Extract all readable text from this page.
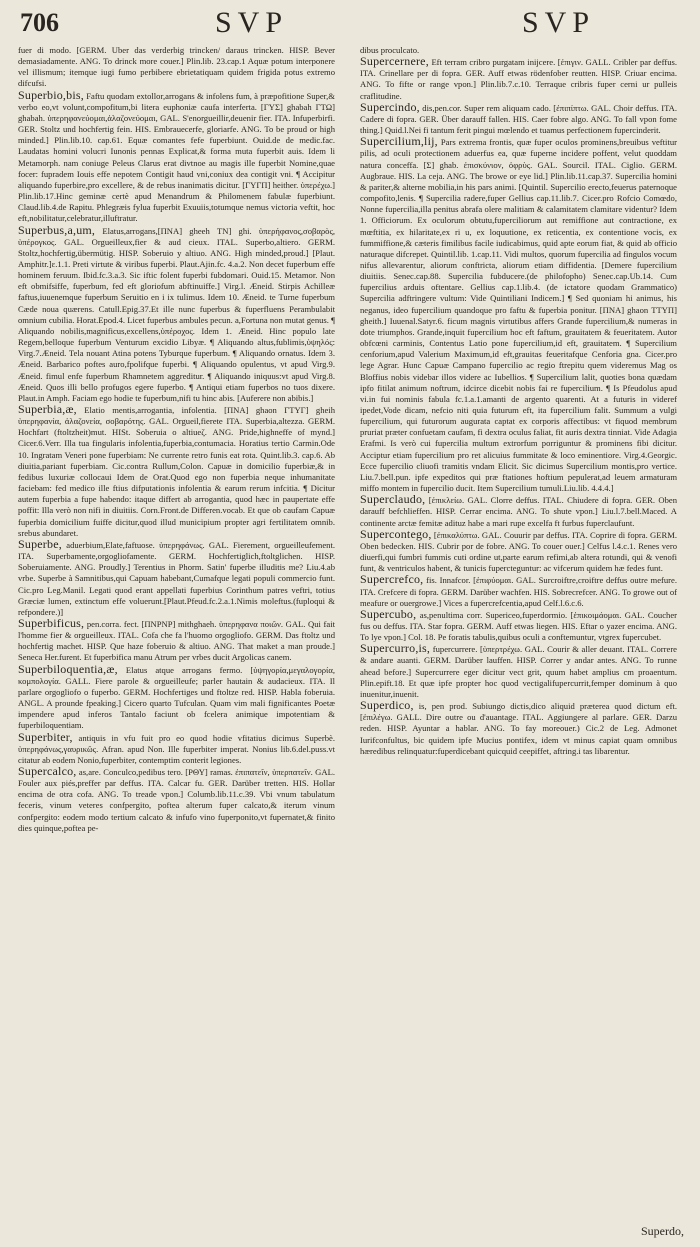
706	SVP	SVP

fuer di modo. [GERM. Uber das verderbig trincken/ daraus trincken. HISP. Bever demasiadamente. ANG. To drinck more couer.] Plin.lib. 23.cap.1 Aquæ potum interponere vel illismum; itemque iugi fumo perbibere ebrietatiquam quidem frigida potus extremo difcufsi.

Superbio,bis, Faftu quodam extollor,arrogans & infolens fum, à præpofitione Super,& verbo eo,vt volunt,compofitum,bi litera euphoniæ caufa interferta. [ΓΥΣ] ghabah ΓΤΩ] ghabah. ὑπερηφανεύομαι,ἀλαζονεύομαι, GAL. S'enorgueillir,deuenir fier. ITA. Infuperbirfi. GER. Stoltz und hochfertig fein. HIS. Embrauecerfe, gloriarfe. ANG. To be proud or high minded.] Plin.lib.10. cap.61. Equæ comantes fefe fuperbiunt. Ouid.de de medic.fac. Laudatas homini volucri Iunonis pennas Explicat,& forma muta fuperbit auis. Idem li Metamorph. nam coniuge Peleus Clarus erat divtnoe au magis ille fuperbit Nomine,quae focer: fupradem Iouis effe nepotem Contigit haud vni,coniux dea contigit vni. ¶ Accipitur aliquando fuperbire,pro excellere, & de rebus inanimatis dicitur. [ΓΥΓΠ] heither. ὑπερέχω.] Plin.lib.17.Hinc geminæ certè apud Menandrum & Philomenem fabulæ fuperbiunt. Claud.lib.4.de Rapitu. Phlegræis fylua fuperbit Exuuiis,totumque nemus victoria veftit, hoc eft,nobilitatur,celebratur,illuftratur.

Superbus,a,um, Elatus,arrogans,[ΠΝΑ] gheeh ΤΝ] ghi. ὑπερήφανος,σοβαρὸς, ὑπέρογκος. GAL. Orgueilleux,fier & aud cieux. ITAL. Superbo,altiero. GERM. Stoltz,hochfertig,übermütig. HISP. Soberuio y altiuo. ANG. High minded,proud.] [Plaut. Amphitr.]ε.1.1. Preti virtute & viribus fuperbi. Plaut.Ajin.fc. 4.a.2. Non decet fuperbum effe hominem feruum. Ibid.fc.3.a.3. Sic iftic folent fuperbi fubdomari. Ouid.15. Metamor. Non eft obmifsiffe, fuperbum, fed eft gloriofum abftinuiffe.] Virg.l. Æneid. Stirpis Achilleæ faftus,iuuenemque fuperbum Seruitio en i ix tulimus. Idem 10. Æneid. te Turne fuperbum Cæde noua quærens. Catull.Epig.37.Et ille nunc fuperbus & fuperfluens Perambulabit omnium cubilia. Horat.Epod.4. Licet fuperbus ambules pecun. a,Fortuna non mutat genus. ¶ Aliquando nobilis,magnificus,excellens,ὑπέροχος. Idem 1. Æneid. Hinc populo late Regem,belloque fuperbum Venturum excidio Libyæ. ¶ Aliquando altus,fublimis,ὑψηλός: Virg.7.Æneid. Tela nouant Atina potens Tyburque fuperbum. ¶ Aliquando ornatus. Idem 3. Æneid. Barbarico poftes auro,fpolifque fuperbi. ¶ Aliquando opulentus, vt apud Virg.9. Æneid. fimul enfe fuperbum Rhamnetem aggreditur. ¶ Aliquando iniquus:vt apud Virg.8. Æneid. Quos illi bello profugos egere fuperbo. ¶ Antiqui etiam fuperbos no tuos dixere. Plaut.in Amph. Faciam ego hodie te fuperbum,nifi tu hinc abis. [Auferere non abibis.]

Superbia,æ, Elatio mentis,arrogantia, infolentia. [ΠΝΑ] ghaon ΓΤΥΓ] gheih ὑπερηφανία, ἀλαζονεία, σοβαρότης. GAL. Orgueil,fierete ITA. Superbia,altezza. GERM. Hochfart (ftoltzheit)mut. HISt. Soberuia o altiueζ. ANG. Pride,highneffe of mynd.] Cicer.6.Verr. Illa tua fingularis infolentia,fuperbia,contumacia. Horatius tertio Carmin.Ode 10. Ingratam Veneri pone fuperbiam: Ne currente retro funis eat rota. Quint.lib.3. cap.6. Ab diuitia,pariant fuperbiam. Cic.contra Rullum,Colon. Capuæ in domicilio fuperbiæ,& in fedibus luxuriæ collocaui Idem de Orat.Quod ego non fuperbia neque inhumanitate faciebam: fed medico ille ftius difputationis infolentia & earum rerum infcitia. ¶ Dicitur autem fuperbia a fupe habendo: itaque differt ab arrogantia, quod hæc in paupertate effe poffit: Illa verò non nifi in diuitiis. Corn.Front.de Differen.vocab. Et que ob caufam Capuæ fuperbia domicilium fuiffe dicitur,quod illud municipium propter agri fertilitatem omnib. srebus abundaret.

Superbe, aduerbium,Elate,faftuose. ὑπερηφάνως. GAL. Fierement, orgueilleufement. ITA. Superbamente,orgogliofamente. GERM. Hochfertiglich,ftoltglichen. HISP. Soberuiamente. ANG. Proudly.] Terentius in Phorm. Satin' fuperbe illuditis me? Liu.4.ab vrbe. Superbe à Samnitibus,qui Capuam habebant,Cumafque legati populi commercio funt. Cic.pro Leg.Manil. Legati quod erant appellati fuperbius Corinthum patres veftri, totius Græciæ lumen, extinctum effe voluerunt.[Plaut.Pfeud.fc.2.a.1.Nimis moleftus.(fuploqui & refpondere.)]

Superbificus, pen.corra. fect. [ΠΝΡΝΡ] mithghaeh. ὑπερηφανα ποιῶν. GAL. Qui fait l'homme fier & orgueilleux. ITAL. Cofa che fa l'huomo orgogliofo. GERM. Das ftoltz und hochfertig machet. HISP. Que haze foberuio & altiuo. ANG. That maket a man proude.] Seneca Her.furent. Et fuperbifica manu Atrum per vrbes ducit Argolicas canem.

Superbiloquentia,æ, Elatus atque arrogans fermo. [ὑψηγορία,μεγαλογορία, κομπολογία. GALL. Fiere parole & orgueilleufe; parler hautain & audacieux. ITA. Il parlare orgogliofo o fuperbo. GERM. Hochfertiges und ftoltze red. HISP. Habla foberuia. ANGL. A prounde fpeaking.] Cicero quarto Tufculan. Quam vim mali fignificantes Poetæ impendere apud inferos Tantalo faciunt ob fcelera animique impotentiam & fuperbiloquentiam.

Superbiter, antiquis in vfu fuit pro eo quod hodie vfitatius dicimus Superbè. ὑπερηφάνως,γαυρικῶς. Afran. apud Non. Ille fuperbiter imperat. Nonius lib.6.del.puss.vt citatur ab eodem Nonio,fuperbiter, contemptim conterit legiones.

Supercalco, as,are. Conculco,pedibus tero. [ΡΘΥ] ramas. ἐπιπατεῖν, ὑπερπατεῖν. GAL. Fouler aux piés,preffer par deffus. ITA. Calcar fu. GER. Darüber tretten. HIS. Hollar encima de otra cofa. ANG. To treade vpon.] Columb.lib.11.c.39. Vbi vnum tabulatum feceris, vinum veteres confpergito, poftea alterum fuper calcato,& iterum vinum confpergito: eodem modo tertium calcato & infufo vino fuperponito,vt fupernatet,& finito dies quinque,poftea pe-

dibus proculcato.

Supercernere, Eft terram cribro purgatam inijcere. [ἐπιγιν. GALL. Cribler par deffus. ITA. Crinellare per di fopra. GER. Auff etwas rödenfober reutten. HISP. Criuar encima. ANG. To fifte or range vpon.] Plin.lib.7.c.10. Terraque cribris fuper cerni ur pulleis craflitudine.

Supercindo, dis,pen.cor. Super rem aliquam cado. [ἐπιπίπτω. GAL. Choir deffus. ITA. Cadere di fopra. GER. Über darauff fallen. HIS. Caer fobre algo. ANG. To fall vpon fome thing.] Quid.l.Nei fi tantum ferit pingui mœlendo et tuamus perfectionem fupercinderit.

Supercilium,lij, Pars extrema frontis, quæ fuper oculos prominens,breuibus veftitur pilis, ad oculi protectionem aduerfus ea, quæ fuperne incidere poffent, velut quoddam natura conceffa. [Σ] ghab. ἐπισκύνιον, ὀφρὺς. GAL. Sourcil. ITAL. Ciglio. GERM. Augbraue. HIS. La ceja. ANG. The browe or eye lid.] Plin.lib.11.cap.37. Supercilia homini & pariter,& alterne mobilia,in his pars animi. [Quintil. Supercilio erecto,feuerus paternoque compofito,lenis. ¶ Supercilia radere,fuper Gellius cap.11.lib.7. Cicer.pro Rofcio Comœdo, Nonne fupercilia,illa penitus abrafa olere malitiam & calamitatem clamitare videntur? Idem 1. Officiorum. Ex oculorum obtutu,fuperciliorum aut remiffione aut contractione, ex mœftitia, ex hilaritate,ex ri u, ex loquutione, ex reticentia, ex contentione vocis, ex fummiffione,& cæteris fimilibus facile iudicabimus, quid apte eorum fiat, & quid ab officio naturaque difcrepet. Quintil.lib. 1.cap.11. Vidi multos, quorum fupercilia ad fingulos vocum nifus allevarentur, aliorum conftricta, aliorum etiam diffidentia. [Demere fupercilium diuitiis. Senec.cap.88. Supercilia fubducere.(de philofopho) Senec.cap.Ub.14. Cum fupercilius arduis oftentare. Gellius cap.1.lib.4. (de ictatore quodam Grammatico) Supercilia adftringere vultum: Vide Quintiliani Indicem.] ¶ Sed quoniam hi animus, his neganus, ideo fupercilium quandoque pro faftu & fuperbia ponitur. [ΠΝΑ] ghaon ΤΤΥΠ] gheith.] Iuuenal.Satyr.6. ficum magnis virtutibus affers Grande fupercilium,& numeras in dote triumphos. Grande,inquit fupercilium hoc eft faftum, grauitatem & feueritatem. Autor obfcœni carminis, Contentus Latio pone fupercilium,id eft, grauitatem. ¶ Supercilium cenforium,apud Valerium Maximum,id eft,grauitas feueritafque Cenforia gna. Cicer.pro lege Agrar. Hunc Capuæ Campano fupercilio ac regio ftrepitu quem videremus Mag os Bloffius nobis videbar illos videre ac Iubellios. ¶ Supercilium lalit, quoties bona quædam ipfo fitilat animum noftrum, idcirce dicebit nobis fai re fupercilium. ¶ Is Pfeudolus apud vi.in fui nominis fabula fc.1.a.1.amanti de argento quarenti. At a futuris in videref ipedet,Vode dicam, nefcio niti quia futurum eft, ita fupercilium falit. Summum a vulgi fupercilium, qui futurorum augurata captat ex corporis affectibus: vt fiquod membrum pruriat præter confuetam caufam, fi dextra oculus faliat, fit auris dextra tinniat. Vide Adagia Erafmi. Is verò cui fupercilia multum extrorfum porriguntur & prominens fibi dicitur. Acciptur etiam fupercilium pro ret alicuius fummitate & loco eminentiore. Virg.4.Georgic. Ecce fupercilio cliuofi tramitis vndam Elicit. Sic dicimus Supercilium montis,pro vertice. Liu.7.bell.pun. ipfe expeditos qui præ ftationes hoftium pepulerat,ad leuem armaturam miffo montem in fupercilio ducit. Item Supercilium tumuli.Liu.lib. 4.4.4.]

Superclaudo, [ἐπικλείω. GAL. Clorre deffus. ITAL. Chiudere di fopra. GER. Oben darauff befchlieffen. HISP. Cerrar encima. ANG. To shute vpon.] Liu.l.7.bell.Maced. A continente arctæ femitæ adituz habe a mari rupe excelfa ft furbus fuperclaufunt.

Supercontego, [ἐπικαλύπτω. GAL. Couurir par deffus. ITA. Coprire di fopra. GERM. Oben bedecken. HIS. Cubrir por de fobre. ANG. To couer ouer.] Celfus l.4.c.1. Renes vero diuerfi,qui fumbri fummis cuti ordine ut,parte earum refimi,ab altera rotundi, qui & venofi funt, & ventriculos habent, & tunicis fupercteguntur: ac vifcerum quidem hæ fedes funt.

Supercrefco, fis. Innafcor. [ἐπιφύομαι. GAL. Surcroiftre,croiftre deffus outre mefure. ITA. Crefcere di fopra. GERM. Darüber wachfen. HIS. Sobrecrefcer. ANG. To growe out of meafure or ouergrowe.] Vices a fupercrefcentia,apud Celf.l.6.c.6.

Supercubo, as,penultima corr. Supericeo,fuperdormio. [ἐπικοιμάομαι. GAL. Coucher fus ou deffus. ITA. Star fopra. GERM. Auff etwas liegen. HIS. Eftar o yazer encima. ANG. To lye vpon.] Col. 18. Pe foratis tabulis,quibus oculi a conftemuntur, vtgrex fupercubet.

Supercurro,is, fupercurrere. [ὑπερτρέχω. GAL. Courir & aller deuant. ITAL. Correre & andare auanti. GERM. Darüber lauffen. HISP. Correr y andar antes. ANG. To runne ahead before.] Supercurrere eger dicitur vect grit, quum habet amplius cm proaentum. Plin.epift.18. Et quæ ipfe propter hoc quod vectigalifupercurrit,femper dominum à quo inuenitur,inuenit.

Superdico, is, pen prod. Subiungo dictis,dico aliquid præterea quod dictum eft. [ἐπιλέγω. GALL. Dire outre ou d'auantage. ITAL. Aggiungere al parlare. GER. Darzu reden. HISP. Ayuntar a hablar. ANG. To fay moreouer.) Cic.2 de Leg. Admonet Iurifconfultus, bic quidem ipfe Mucius pontifex, idem vt minus capiat quam omnibus hæredibus relinquatur:fuperdicebant quicquid ceepiffet, aftring.i tas libarentur.

Superdo,
